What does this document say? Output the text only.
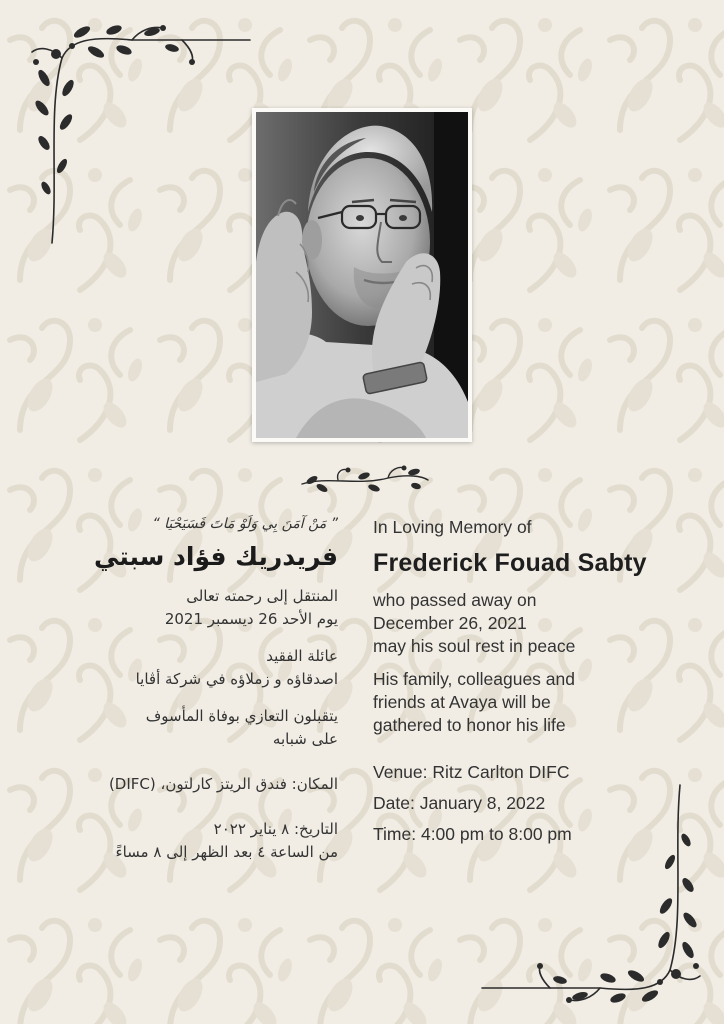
” مَنْ آمَنَ بِي وَلَوْ مَاتَ فَسَيَحْيَا “

فريدريك فؤاد سبتي

المنتقل إلى رحمته تعالى

يوم الأحد 26 ديسمبر 2021

عائلة الفقيد

اصدقاؤه و زملاؤه في شركة أڤايا

يتقبلون التعازي بوفاة المأسوف

على شبابه

المكان: فندق الريتز كارلتون، (DIFC)

التاريخ: ٨ يناير ٢٠٢٢

من الساعة ٤ بعد الظهر إلى ٨ مساءً

In Loving Memory of

Frederick Fouad Sabty

who passed away on

December 26, 2021

may his soul rest in peace

His family, colleagues and

friends at Avaya will be

gathered to honor his life

Venue: Ritz Carlton DIFC

Date: January 8, 2022

Time: 4:00 pm to 8:00 pm
